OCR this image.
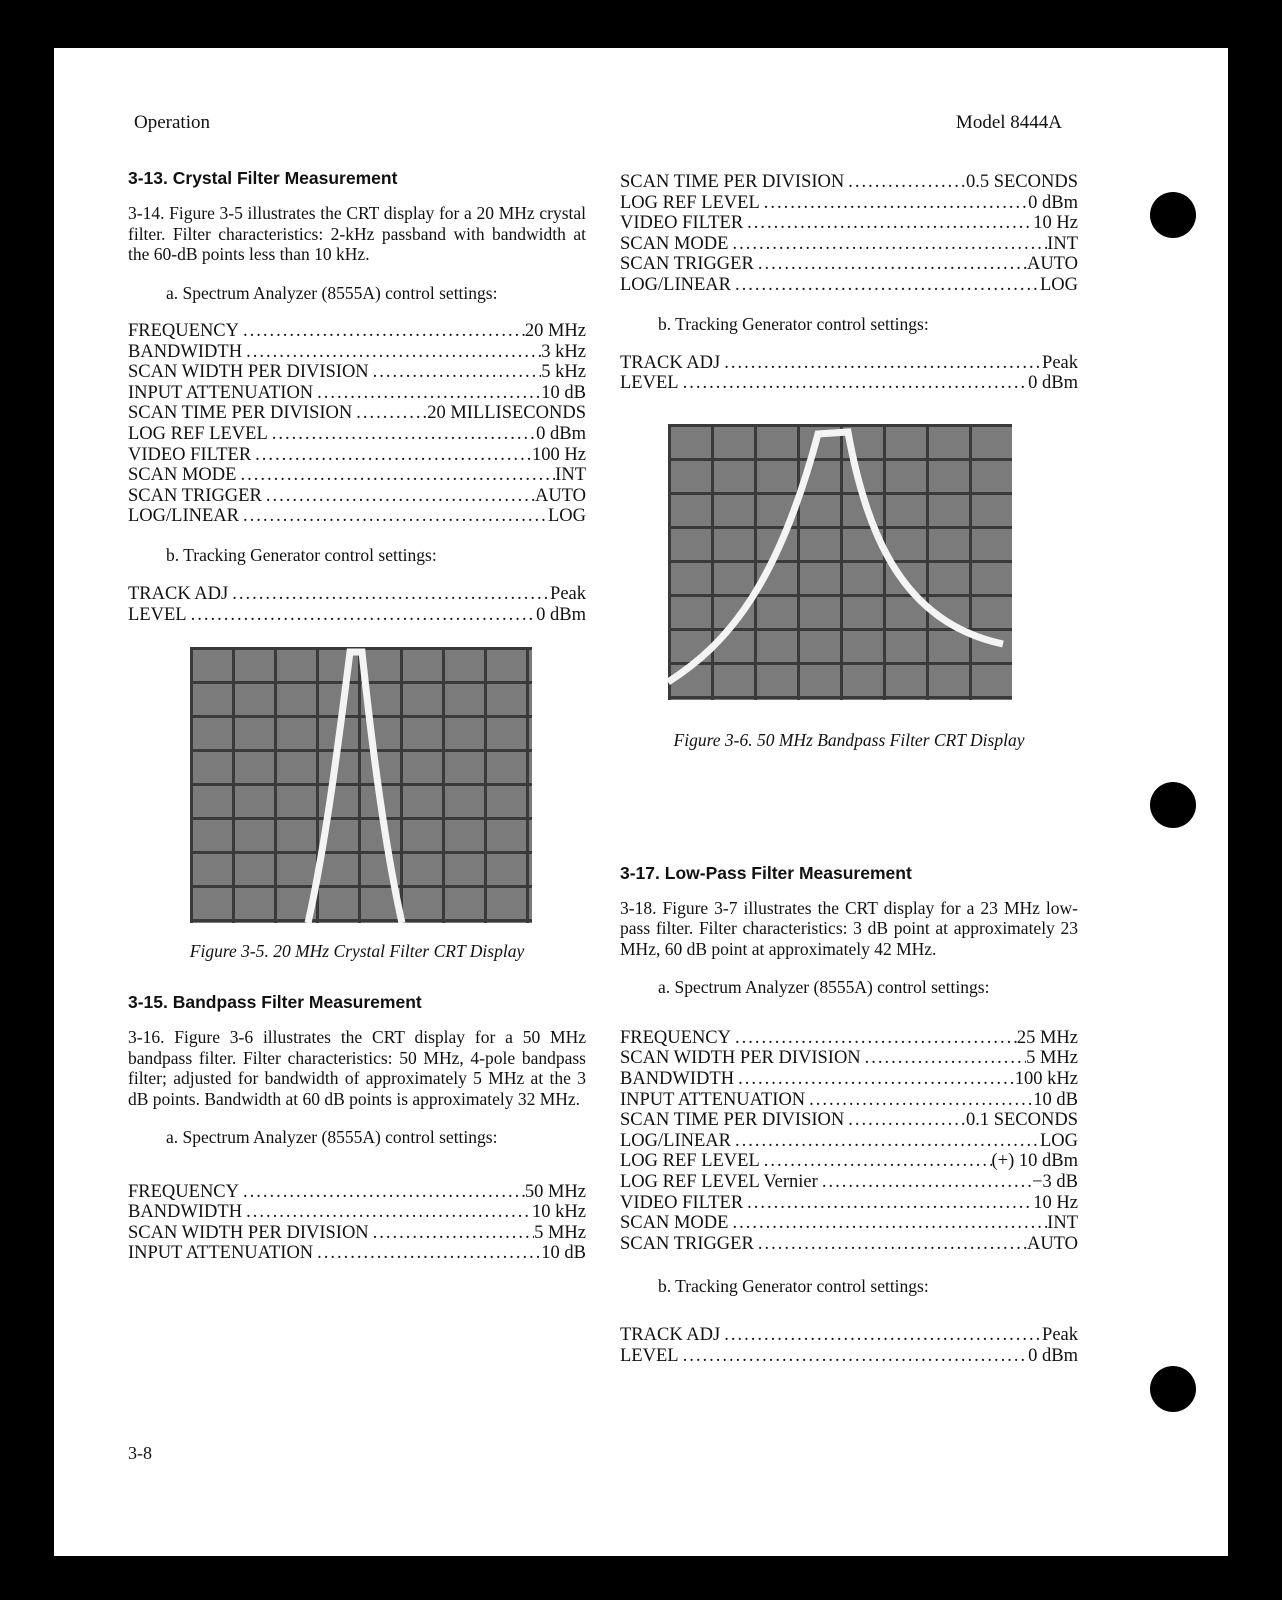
Operation	Model 8444A
3-13. Crystal Filter Measurement

3-14. Figure 3-5 illustrates the CRT display for a 20 MHz crystal filter. Filter characteristics: 2-kHz passband with bandwidth at the 60-dB points less than 10 kHz.

a. Spectrum Analyzer (8555A) control settings:

FREQUENCY .....	20 MHz
BANDWIDTH .....	3 kHz
SCAN WIDTH PER DIVISION .....	5 kHz
INPUT ATTENUATION .....	10 dB
SCAN TIME PER DIVISION .....	20 MILLISECONDS
LOG REF LEVEL .....	0 dBm
VIDEO FILTER .....	100 Hz
SCAN MODE .....	INT
SCAN TRIGGER .....	AUTO
LOG/LINEAR .....	LOG
b. Tracking Generator control settings:
TRACK ADJ .....	Peak
LEVEL .....	0 dBm
Figure 3-5. 20 MHz Crystal Filter CRT Display
3-15. Bandpass Filter Measurement

3-16. Figure 3-6 illustrates the CRT display for a 50 MHz bandpass filter. Filter characteristics: 50 MHz, 4-pole bandpass filter; adjusted for bandwidth of approximately 5 MHz at the 3 dB points. Bandwidth at 60 dB points is approximately 32 MHz.

a. Spectrum Analyzer (8555A) control settings:

FREQUENCY .....	50 MHz
BANDWIDTH .....	10 kHz
SCAN WIDTH PER DIVISION .....	5 MHz
INPUT ATTENUATION .....	10 dB
SCAN TIME PER DIVISION .....	0.5 SECONDS
LOG REF LEVEL .....	0 dBm
VIDEO FILTER .....	10 Hz
SCAN MODE .....	INT
SCAN TRIGGER .....	AUTO
LOG/LINEAR .....	LOG
b. Tracking Generator control settings:
TRACK ADJ .....	Peak
LEVEL .....	0 dBm
Figure 3-6. 50 MHz Bandpass Filter CRT Display
3-17. Low-Pass Filter Measurement

3-18. Figure 3-7 illustrates the CRT display for a 23 MHz low-pass filter. Filter characteristics: 3 dB point at approximately 23 MHz, 60 dB point at approximately 42 MHz.

a. Spectrum Analyzer (8555A) control settings:

FREQUENCY .....	25 MHz
SCAN WIDTH PER DIVISION .....	5 MHz
BANDWIDTH .....	100 kHz
INPUT ATTENUATION .....	10 dB
SCAN TIME PER DIVISION .....	0.1 SECONDS
LOG/LINEAR .....	LOG
LOG REF LEVEL .....	(+) 10 dBm
LOG REF LEVEL Vernier .....	−3 dB
VIDEO FILTER .....	10 Hz
SCAN MODE .....	INT
SCAN TRIGGER .....	AUTO
b. Tracking Generator control settings:
TRACK ADJ .....	Peak
LEVEL .....	0 dBm
3-8
